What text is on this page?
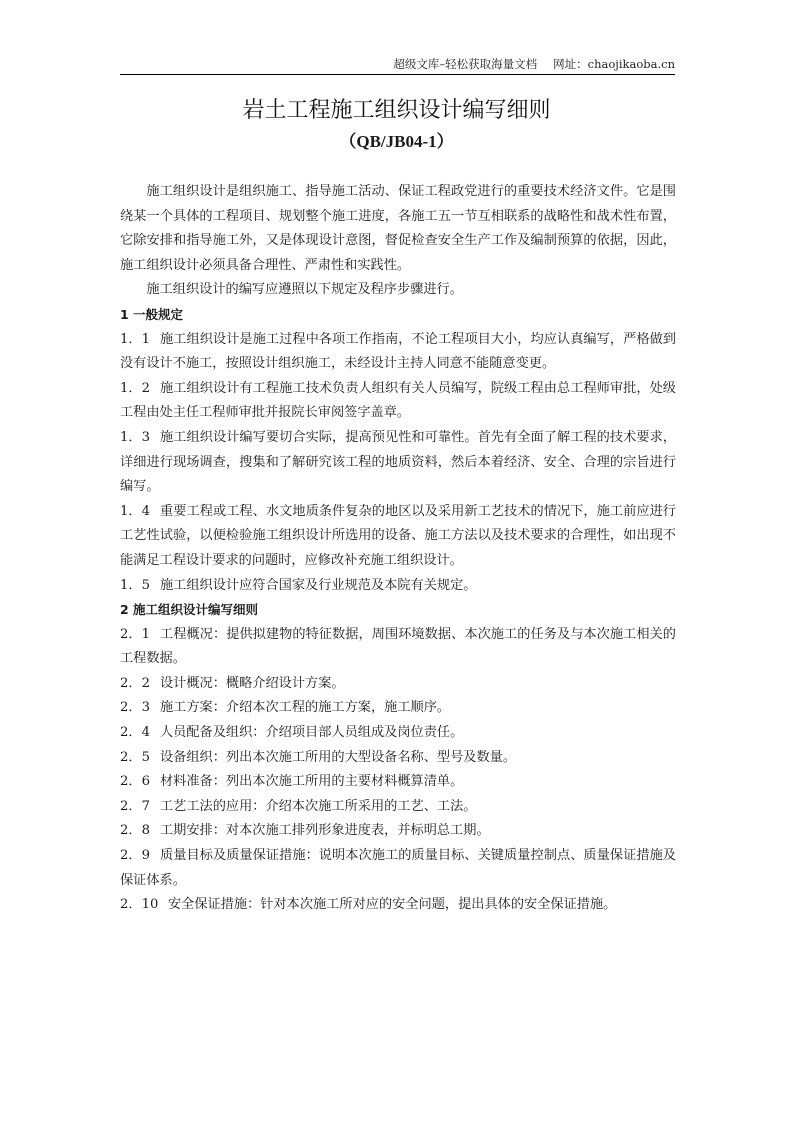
超级文库–轻松获取海量文档 网址：chaojikaoba.cn
岩土工程施工组织设计编写细则
（QB/JB04-1）

施工组织设计是组织施工、指导施工活动、保证工程政党进行的重要技术经济文件。它是围绕某一个具体的工程项目、规划整个施工进度，各施工五一节互相联系的战略性和战术性布置，它除安排和指导施工外，又是体现设计意图，督促检查安全生产工作及编制预算的依据，因此，施工组织设计必须具备合理性、严肃性和实践性。

施工组织设计的编写应遵照以下规定及程序步骤进行。

1 一般规定

1．1 施工组织设计是施工过程中各项工作指南，不论工程项目大小，均应认真编写，严格做到没有设计不施工，按照设计组织施工，未经设计主持人同意不能随意变更。

1．2 施工组织设计有工程施工技术负责人组织有关人员编写，院级工程由总工程师审批，处级工程由处主任工程师审批并报院长审阅签字盖章。

1．3 施工组织设计编写要切合实际，提高预见性和可靠性。首先有全面了解工程的技术要求，详细进行现场调查，搜集和了解研究该工程的地质资料，然后本着经济、安全、合理的宗旨进行编写。

1．4 重要工程或工程、水文地质条件复杂的地区以及采用新工艺技术的情况下，施工前应进行工艺性试验，以便检验施工组织设计所选用的设备、施工方法以及技术要求的合理性，如出现不能满足工程设计要求的问题时，应修改补充施工组织设计。

1．5 施工组织设计应符合国家及行业规范及本院有关规定。

2 施工组织设计编写细则

2．1 工程概况：提供拟建物的特征数据，周围环境数据、本次施工的任务及与本次施工相关的工程数据。

2．2 设计概况：概略介绍设计方案。

2．3 施工方案：介绍本次工程的施工方案，施工顺序。

2．4 人员配备及组织：介绍项目部人员组成及岗位责任。

2．5 设备组织：列出本次施工所用的大型设备名称、型号及数量。

2．6 材料准备：列出本次施工所用的主要材料概算清单。

2．7 工艺工法的应用：介绍本次施工所采用的工艺、工法。

2．8 工期安排：对本次施工排列形象进度表，并标明总工期。

2．9 质量目标及质量保证措施：说明本次施工的质量目标、关键质量控制点、质量保证措施及保证体系。

2．10 安全保证措施：针对本次施工所对应的安全问题，提出具体的安全保证措施。
